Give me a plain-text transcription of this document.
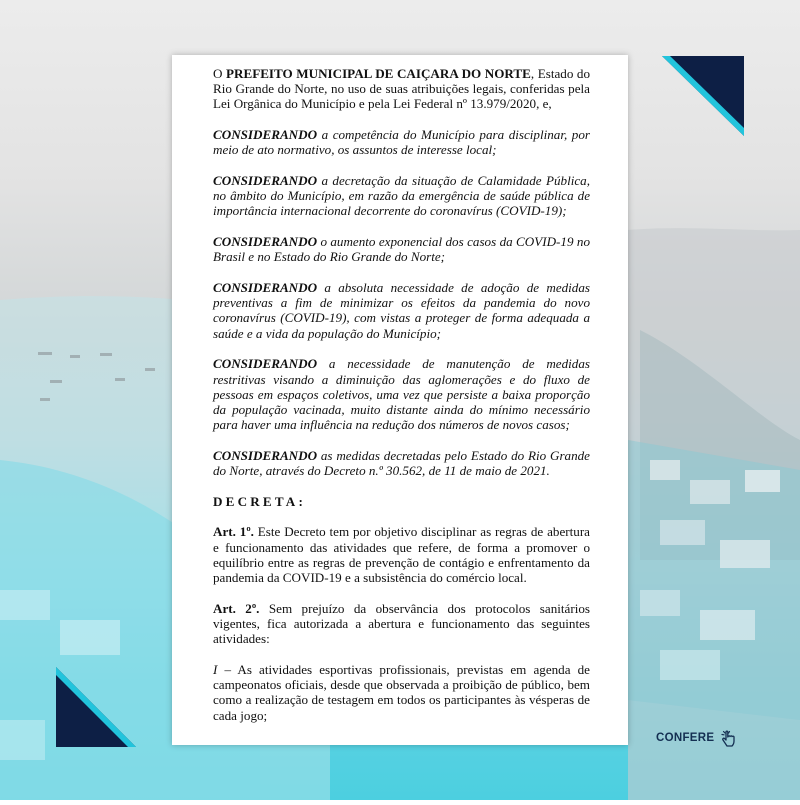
O PREFEITO MUNICIPAL DE CAIÇARA DO NORTE, Estado do Rio Grande do Norte, no uso de suas atribuições legais, conferidas pela Lei Orgânica do Município e pela Lei Federal nº 13.979/2020, e,

CONSIDERANDO a competência do Município para disciplinar, por meio de ato normativo, os assuntos de interesse local;

CONSIDERANDO a decretação da situação de Calamidade Pública, no âmbito do Município, em razão da emergência de saúde pública de importância internacional decorrente do coronavírus (COVID-19);

CONSIDERANDO o aumento exponencial dos casos da COVID-19 no Brasil e no Estado do Rio Grande do Norte;

CONSIDERANDO a absoluta necessidade de adoção de medidas preventivas a fim de minimizar os efeitos da pandemia do novo coronavírus (COVID-19), com vistas a proteger de forma adequada a saúde e a vida da população do Município;

CONSIDERANDO a necessidade de manutenção de medidas restritivas visando a diminuição das aglomerações e do fluxo de pessoas em espaços coletivos, uma vez que persiste a baixa proporção da população vacinada, muito distante ainda do mínimo necessário para haver uma influência na redução dos números de novos casos;

CONSIDERANDO as medidas decretadas pelo Estado do Rio Grande do Norte, através do Decreto n.º 30.562, de 11 de maio de 2021.

DECRETA:

Art. 1º. Este Decreto tem por objetivo disciplinar as regras de abertura e funcionamento das atividades que refere, de forma a promover o equilíbrio entre as regras de prevenção de contágio e enfrentamento da pandemia da COVID-19 e a subsistência do comércio local.

Art. 2º. Sem prejuízo da observância dos protocolos sanitários vigentes, fica autorizada a abertura e funcionamento das seguintes atividades:

I – As atividades esportivas profissionais, previstas em agenda de campeonatos oficiais, desde que observada a proibição de público, bem como a realização de testagem em todos os participantes às vésperas de cada jogo;

CONFERE
